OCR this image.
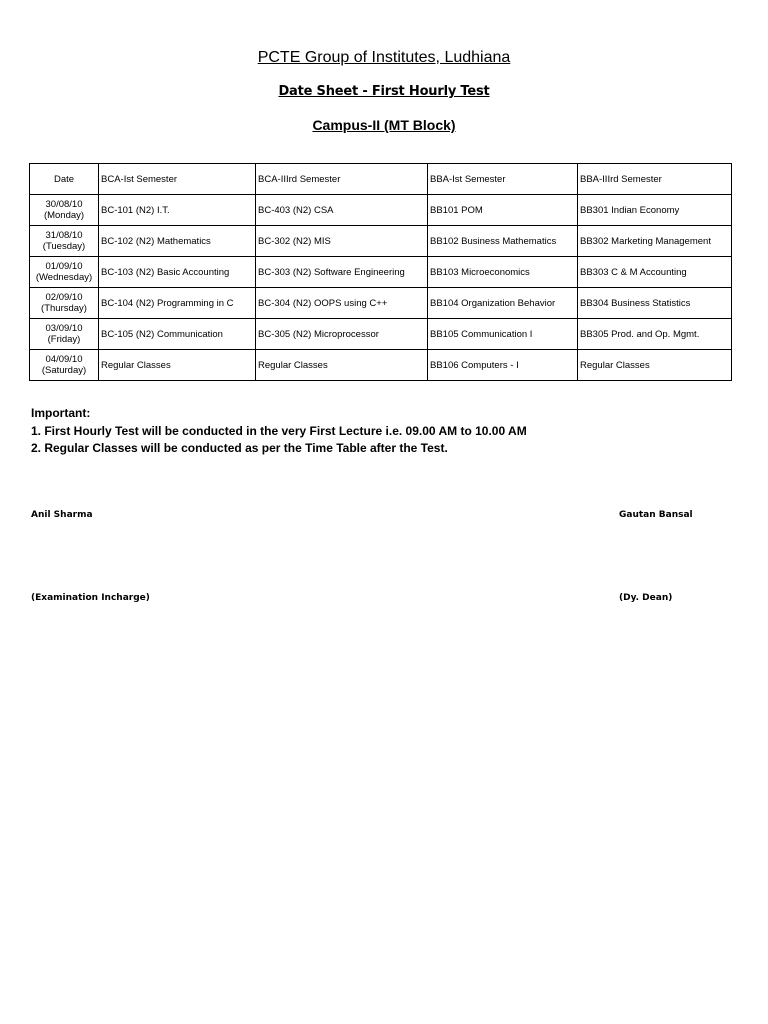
PCTE Group of Institutes, Ludhiana
Date Sheet - First Hourly Test
Campus-II (MT Block)
Date	BCA-Ist Semester	BCA-IIIrd Semester	BBA-Ist Semester	BBA-IIIrd Semester

30/08/10
(Monday)	BC-101 (N2) I.T.	BC-403 (N2) CSA	BB101 POM	BB301 Indian Economy

31/08/10
(Tuesday)	BC-102 (N2) Mathematics	BC-302 (N2) MIS	BB102 Business Mathematics	BB302 Marketing Management

01/09/10
(Wednesday)	BC-103 (N2) Basic Accounting	BC-303 (N2) Software Engineering	BB103 Microeconomics	BB303 C & M Accounting

02/09/10
(Thursday)	BC-104 (N2) Programming in C	BC-304 (N2) OOPS using C++	BB104 Organization Behavior	BB304 Business Statistics

03/09/10
(Friday)	BC-105 (N2) Communication	BC-305 (N2) Microprocessor	BB105 Communication I	BB305 Prod. and Op. Mgmt.

04/09/10
(Saturday)	Regular Classes	Regular Classes	BB106 Computers - I	Regular Classes
Important:
1. First Hourly Test will be conducted in the very First Lecture i.e. 09.00 AM to 10.00 AM
2. Regular Classes will be conducted as per the Time Table after the Test.
Anil Sharma	Gautan Bansal
(Examination Incharge)	(Dy. Dean)
